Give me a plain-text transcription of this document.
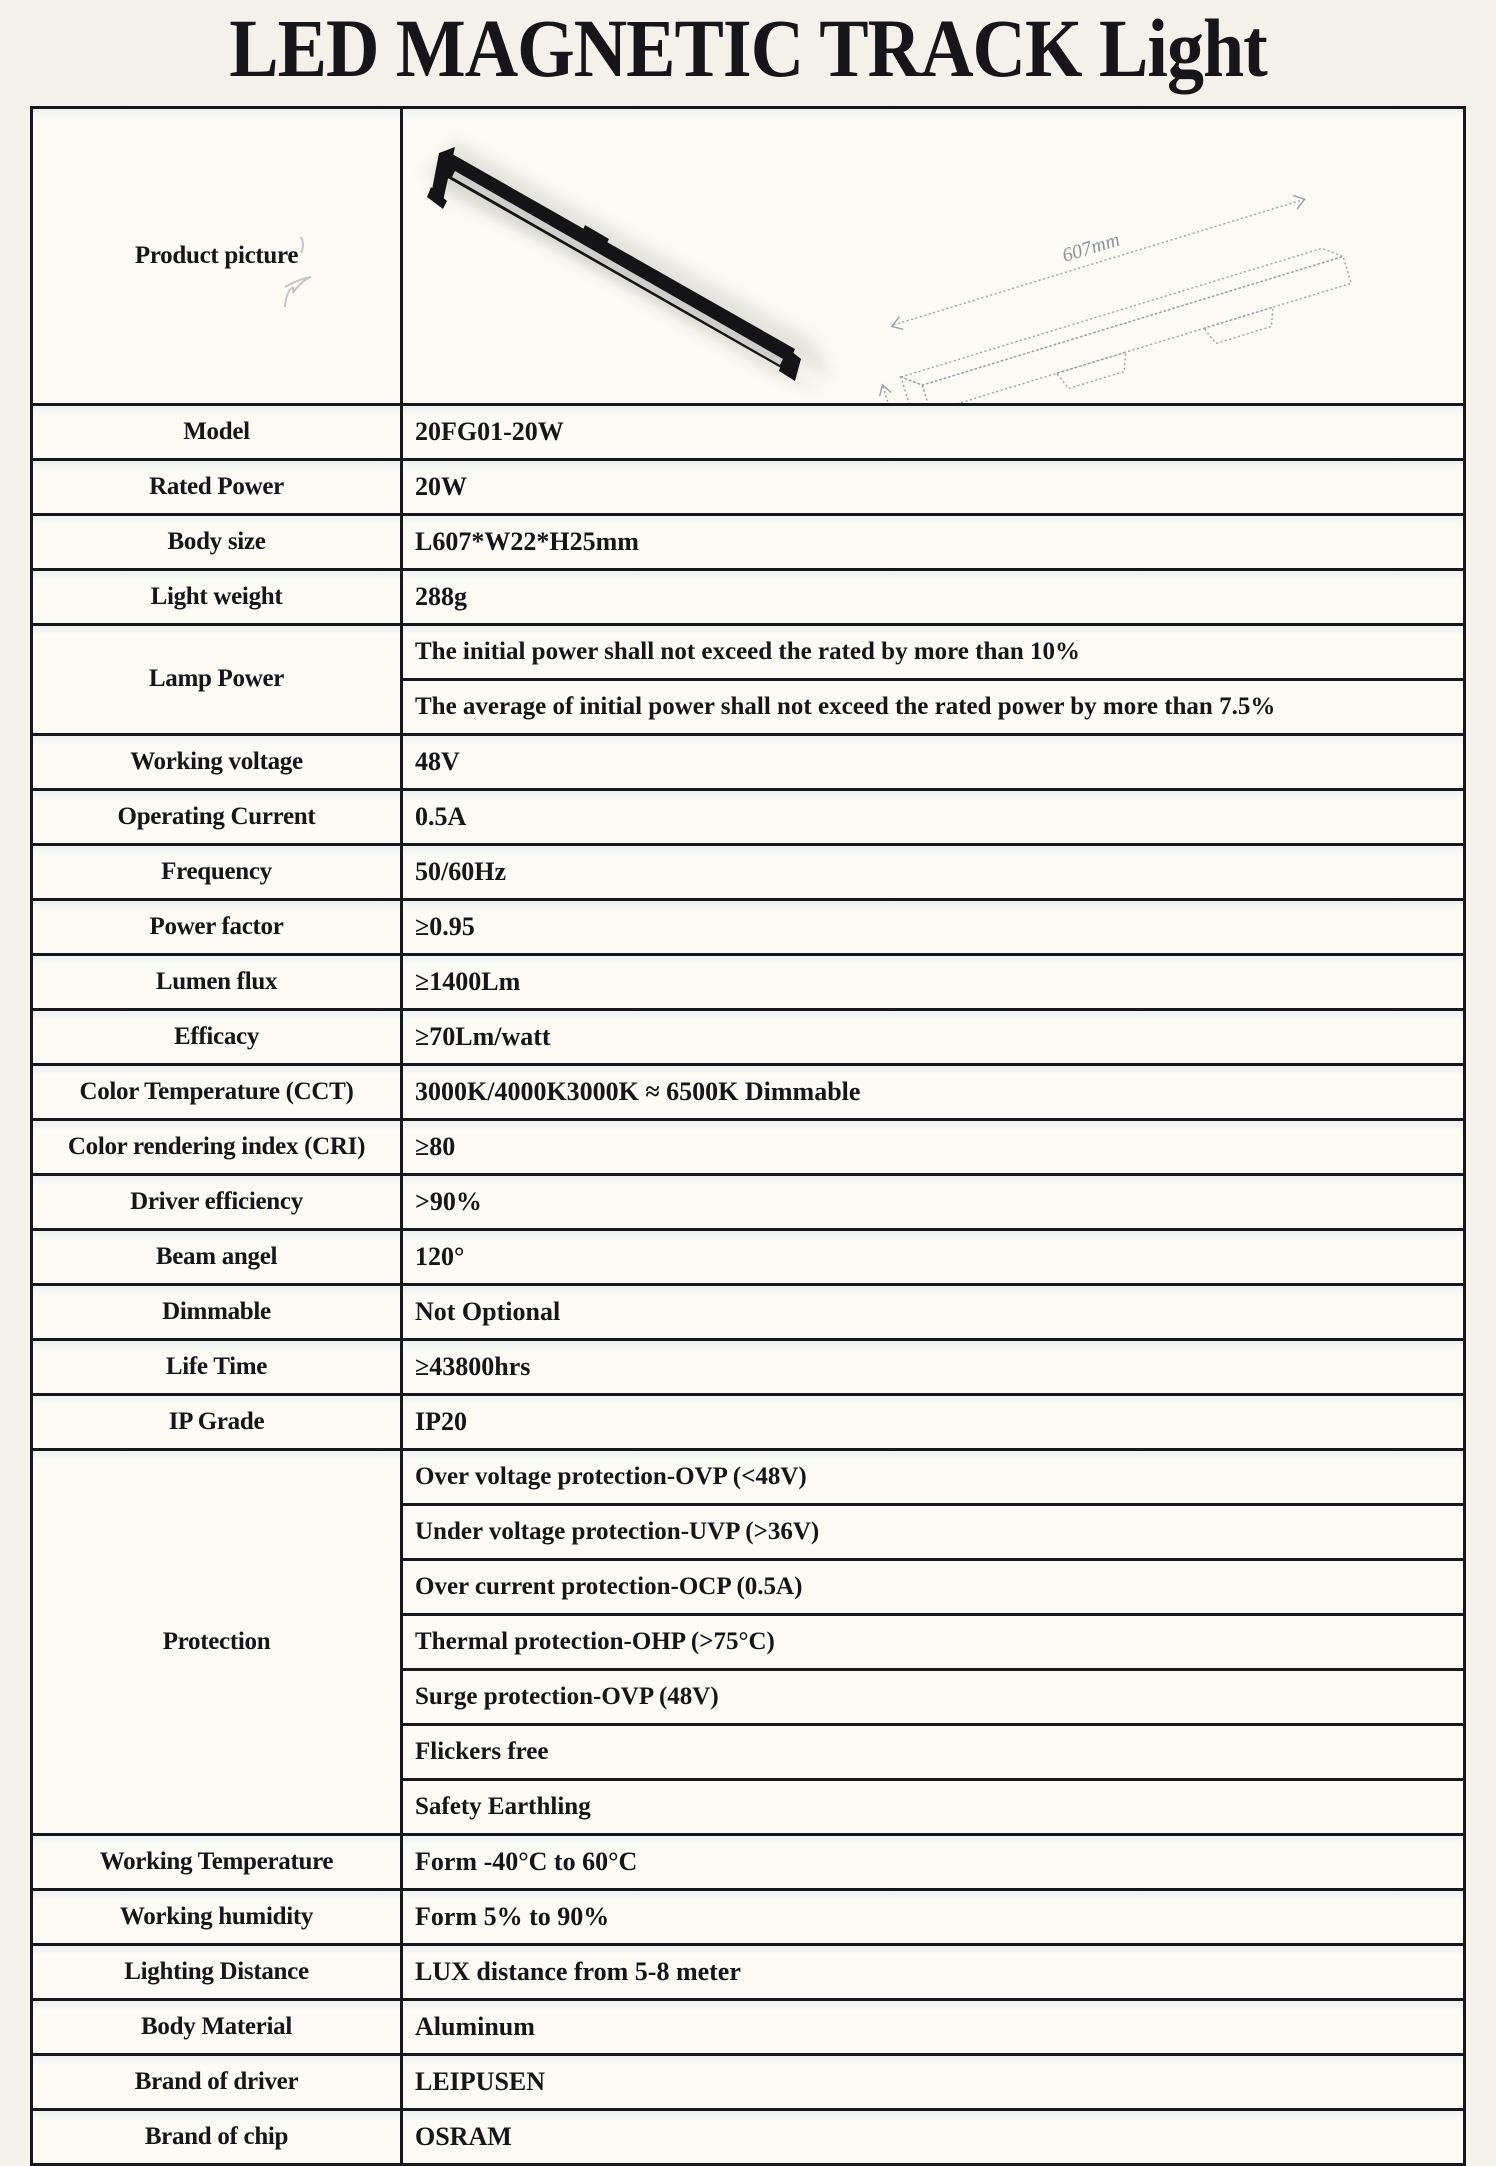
LED MAGNETIC TRACK Light
Product picture	607mm
Model	20FG01-20W
Rated Power	20W
Body size	L607*W22*H25mm
Light weight	288g
Lamp Power
The initial power shall not exceed the rated by more than 10%
The average of initial power shall not exceed the rated power by more than 7.5%
Working voltage	48V
Operating Current	0.5A
Frequency	50/60Hz
Power factor	≥0.95
Lumen flux	≥1400Lm
Efficacy	≥70Lm/watt
Color Temperature (CCT)	3000K/4000K3000K ≈ 6500K Dimmable
Color rendering index (CRI)	≥80
Driver efficiency	>90%
Beam angel	120°
Dimmable	Not Optional
Life Time	≥43800hrs
IP Grade	IP20
Protection
Over voltage protection-OVP (<48V)
Under voltage protection-UVP (>36V)
Over current protection-OCP (0.5A)
Thermal protection-OHP (>75°C)
Surge protection-OVP (48V)
Flickers free
Safety Earthling
Working Temperature	Form -40°C to 60°C
Working humidity	Form 5% to 90%
Lighting Distance	LUX distance from 5-8 meter
Body Material	Aluminum
Brand of driver	LEIPUSEN
Brand of chip	OSRAM
